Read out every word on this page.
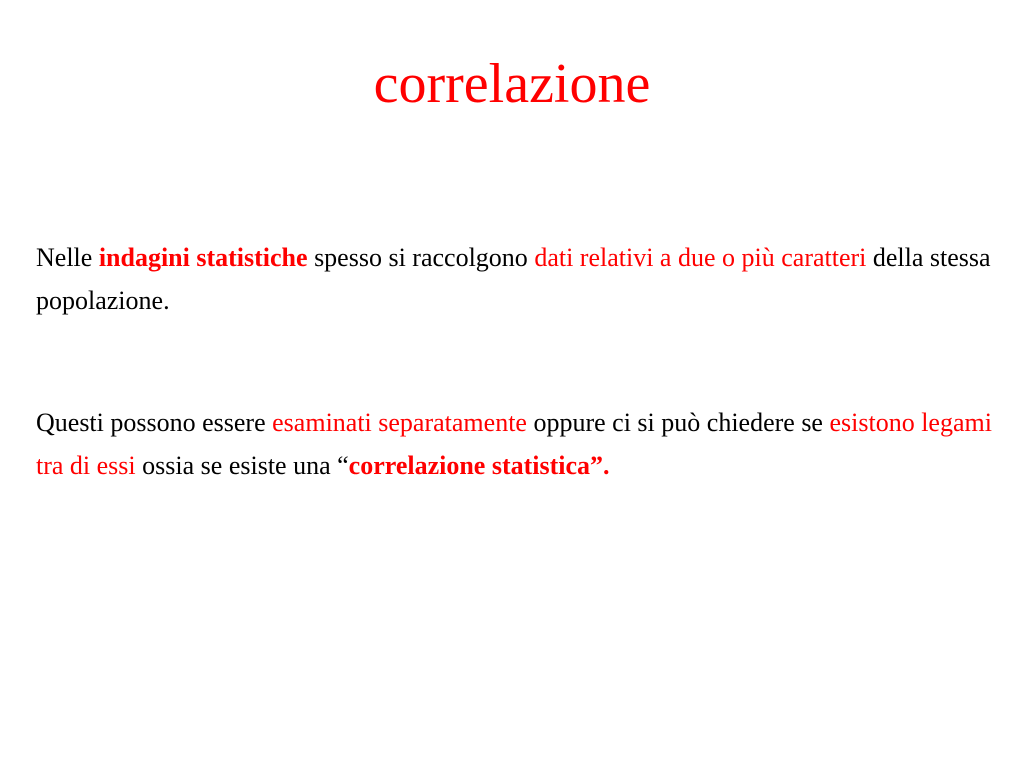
correlazione

Nelle indagini statistiche spesso si raccolgono dati relativi a due o più caratteri della stessa popolazione.

Questi possono essere esaminati separatamente oppure ci si può chiedere se esistono legami tra di essi ossia se esiste una “correlazione statistica”.
